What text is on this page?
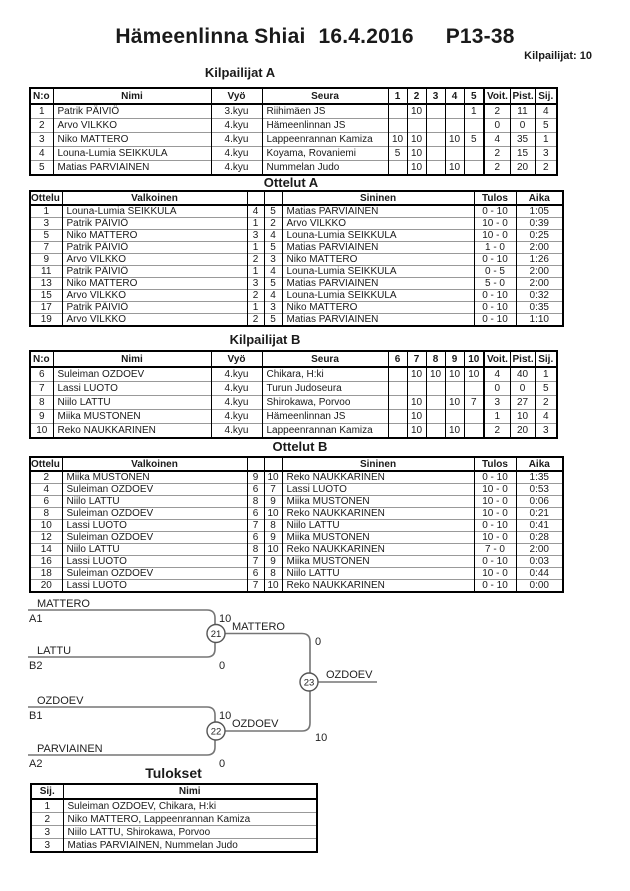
Hämeenlinna Shiai 16.4.2016 P13-38
Kilpailijat: 10
Kilpailijat A
N:o	Nimi	Vyö	Seura	1	2	3	4	5	Voit.	Pist.	Sij.
1	Patrik PÄIVIÖ	3.kyu	Riihimäen JS		10			1	2	11	4
2	Arvo VILKKO	4.kyu	Hämeenlinnan JS						0	0	5
3	Niko MATTERO	4.kyu	Lappeenrannan Kamiza	10	10		10	5	4	35	1
4	Louna-Lumia SEIKKULA	4.kyu	Koyama, Rovaniemi	5	10				2	15	3
5	Matias PARVIAINEN	4.kyu	Nummelan Judo		10		10		2	20	2
Ottelut A
Ottelu	Valkoinen			Sininen	Tulos	Aika
1	Louna-Lumia SEIKKULA	4	5	Matias PARVIAINEN	0 - 10	1:05
3	Patrik PÄIVIÖ	1	2	Arvo VILKKO	10 - 0	0:39
5	Niko MATTERO	3	4	Louna-Lumia SEIKKULA	10 - 0	0:25
7	Patrik PÄIVIÖ	1	5	Matias PARVIAINEN	1 - 0	2:00
9	Arvo VILKKO	2	3	Niko MATTERO	0 - 10	1:26
11	Patrik PÄIVIÖ	1	4	Louna-Lumia SEIKKULA	0 - 5	2:00
13	Niko MATTERO	3	5	Matias PARVIAINEN	5 - 0	2:00
15	Arvo VILKKO	2	4	Louna-Lumia SEIKKULA	0 - 10	0:32
17	Patrik PÄIVIÖ	1	3	Niko MATTERO	0 - 10	0:35
19	Arvo VILKKO	2	5	Matias PARVIAINEN	0 - 10	1:10
Kilpailijat B
N:o	Nimi	Vyö	Seura	6	7	8	9	10	Voit.	Pist.	Sij.
6	Suleiman OZDOEV	4.kyu	Chikara, H:ki		10	10	10	10	4	40	1
7	Lassi LUOTO	4.kyu	Turun Judoseura						0	0	5
8	Niilo LATTU	4.kyu	Shirokawa, Porvoo		10		10	7	3	27	2
9	Miika MUSTONEN	4.kyu	Hämeenlinnan JS		10				1	10	4
10	Reko NAUKKARINEN	4.kyu	Lappeenrannan Kamiza		10		10		2	20	3
Ottelut B
Ottelu	Valkoinen			Sininen	Tulos	Aika
2	Miika MUSTONEN	9	10	Reko NAUKKARINEN	0 - 10	1:35
4	Suleiman OZDOEV	6	7	Lassi LUOTO	10 - 0	0:53
6	Niilo LATTU	8	9	Miika MUSTONEN	10 - 0	0:06
8	Suleiman OZDOEV	6	10	Reko NAUKKARINEN	10 - 0	0:21
10	Lassi LUOTO	7	8	Niilo LATTU	0 - 10	0:41
12	Suleiman OZDOEV	6	9	Miika MUSTONEN	10 - 0	0:28
14	Niilo LATTU	8	10	Reko NAUKKARINEN	7 - 0	2:00
16	Lassi LUOTO	7	9	Miika MUSTONEN	0 - 10	0:03
18	Suleiman OZDOEV	6	8	Niilo LATTU	10 - 0	0:44
20	Lassi LUOTO	7	10	Reko NAUKKARINEN	0 - 10	0:00
MATTERO
A1	10
LATTU
B2	0
OZDOEV
B1	10
PARVIAINEN
A2	0
21
MATTERO
0
22
OZDOEV
10
23
OZDOEV
Tulokset
Sij.	Nimi
1	Suleiman OZDOEV, Chikara, H:ki
2	Niko MATTERO, Lappeenrannan Kamiza
3	Niilo LATTU, Shirokawa, Porvoo
3	Matias PARVIAINEN, Nummelan Judo
